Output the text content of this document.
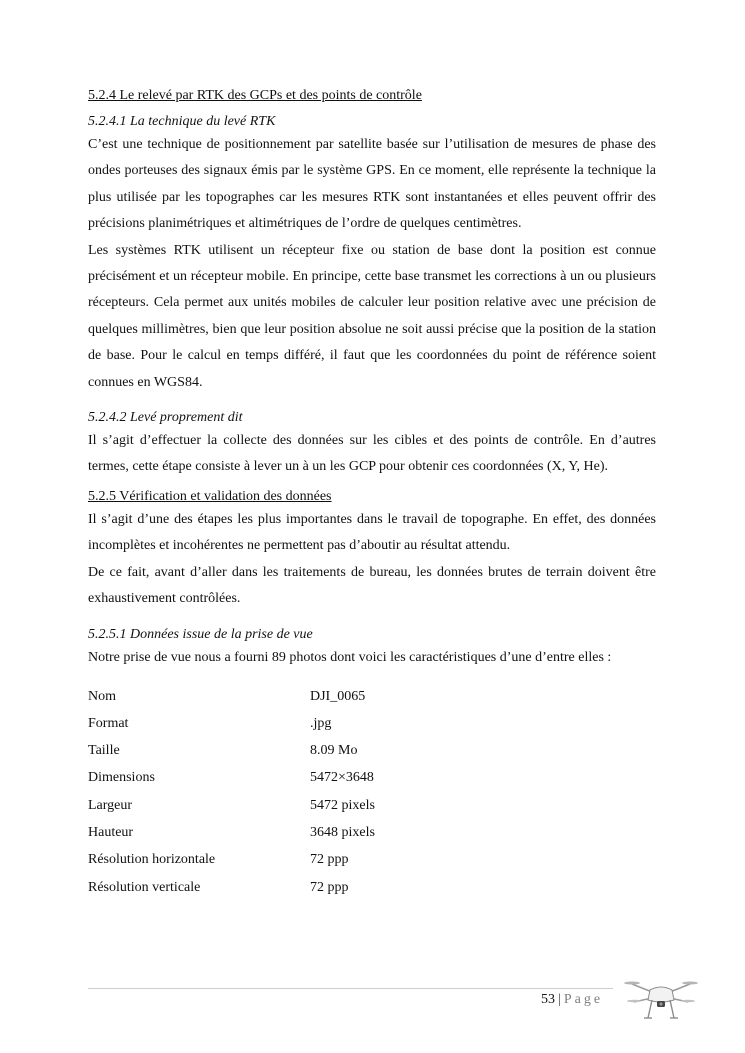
5.2.4 Le relevé par RTK des GCPs et des points de contrôle
5.2.4.1 La technique du levé RTK

C’est une technique de positionnement par satellite basée sur l’utilisation de mesures de phase des ondes porteuses des signaux émis par le système GPS. En ce moment, elle représente la technique la plus utilisée par les topographes car les mesures RTK sont instantanées et elles peuvent offrir des précisions planimétriques et altimétriques de l’ordre de quelques centimètres.

Les systèmes RTK utilisent un récepteur fixe ou station de base dont la position est connue précisément et un récepteur mobile. En principe, cette base transmet les corrections à un ou plusieurs récepteurs. Cela permet aux unités mobiles de calculer leur position relative avec une précision de quelques millimètres, bien que leur position absolue ne soit aussi précise que la position de la station de base. Pour le calcul en temps différé, il faut que les coordonnées du point de référence soient connues en WGS84.

5.2.4.2 Levé proprement dit

Il s’agit d’effectuer la collecte des données sur les cibles et des points de contrôle. En d’autres termes, cette étape consiste à lever un à un les GCP pour obtenir ces coordonnées (X, Y, He).

5.2.5 Vérification et validation des données

Il s’agit d’une des étapes les plus importantes dans le travail de topographe. En effet, des données incomplètes et incohérentes ne permettent pas d’aboutir au résultat attendu.

De ce fait, avant d’aller dans les traitements de bureau, les données brutes de terrain doivent être exhaustivement contrôlées.

5.2.5.1 Données issue de la prise de vue

Notre prise de vue nous a fourni 89 photos dont voici les caractéristiques d’une d’entre elles :

Nom	DJI_0065
Format	.jpg
Taille	8.09 Mo
Dimensions	5472×3648
Largeur	5472 pixels
Hauteur	3648 pixels
Résolution horizontale	72 ppp
Résolution verticale	72 ppp
53 | Page
